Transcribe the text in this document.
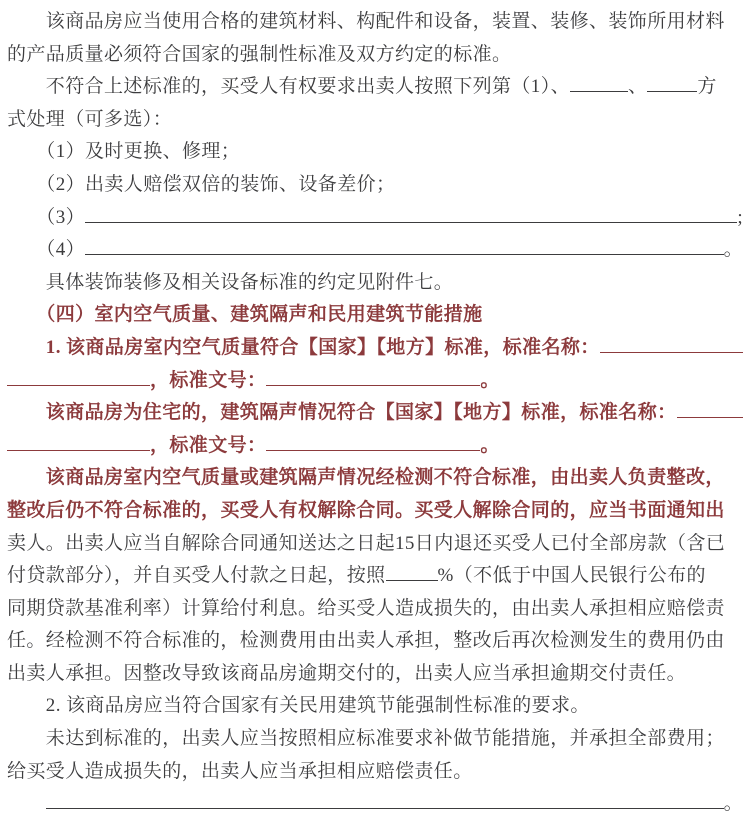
　　该商品房应当使用合格的建筑材料、构配件和设备，装置、装修、装饰所用材料
的产品质量必须符合国家的强制性标准及双方约定的标准。
　　不符合上述标准的，买受人有权要求出卖人按照下列第（1）、	、	方
式处理（可多选）：
　　（1）及时更换、修理；
　　（2）出卖人赔偿双倍的装饰、设备差价；
　　（3）	;
　　（4）	。
　　具体装饰装修及相关设备标准的约定见附件七。
　　（四）室内空气质量、建筑隔声和民用建筑节能措施
　　1. 该商品房室内空气质量符合【国家】【地方】标准，标准名称：
，标准文号：	。
　　该商品房为住宅的，建筑隔声情况符合【国家】【地方】标准，标准名称：
，标准文号：	。
　　该商品房室内空气质量或建筑隔声情况经检测不符合标准，由出卖人负责整改，
整改后仍不符合标准的，买受人有权解除合同。买受人解除合同的，应当书面通知出
卖人。出卖人应当自解除合同通知送达之日起15日内退还买受人已付全部房款（含已
付贷款部分），并自买受人付款之日起，按照	%（不低于中国人民银行公布的
同期贷款基准利率）计算给付利息。给买受人造成损失的，由出卖人承担相应赔偿责
任。经检测不符合标准的，检测费用由出卖人承担，整改后再次检测发生的费用仍由
出卖人承担。因整改导致该商品房逾期交付的，出卖人应当承担逾期交付责任。
　　2. 该商品房应当符合国家有关民用建筑节能强制性标准的要求。
　　未达到标准的，出卖人应当按照相应标准要求补做节能措施，并承担全部费用；
给买受人造成损失的，出卖人应当承担相应赔偿责任。

。
